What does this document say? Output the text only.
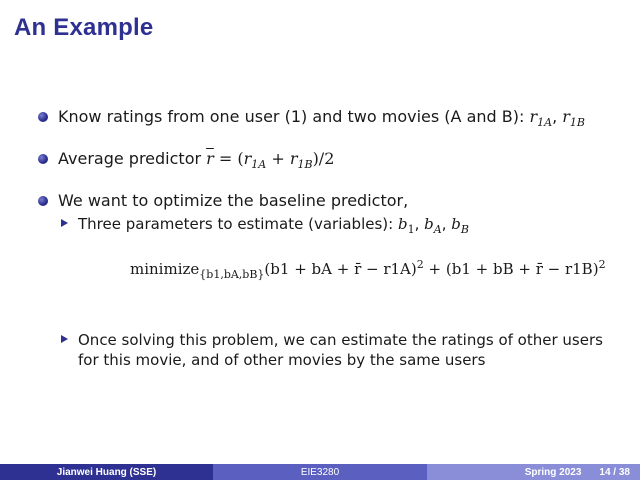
An Example
Know ratings from one user (1) and two movies (A and B): $r_{1A}$, $r_{1B}$
Average predictor $\overline{r} = (r_{1A} + r_{1B})/2$
We want to optimize the baseline predictor,
Three parameters to estimate (variables): $b_1$, $b_A$, $b_B$
minimize$_{\{b1,bA,bB\}}$(b1 + bA + r̄ − r1A)$^2$ + (b1 + bB + r̄ − r1B)$^2$
Once solving this problem, we can estimate the ratings of other users for this movie, and of other movies by the same users
Jianwei Huang (SSE)	EIE3280	Spring 2023 14 / 38
